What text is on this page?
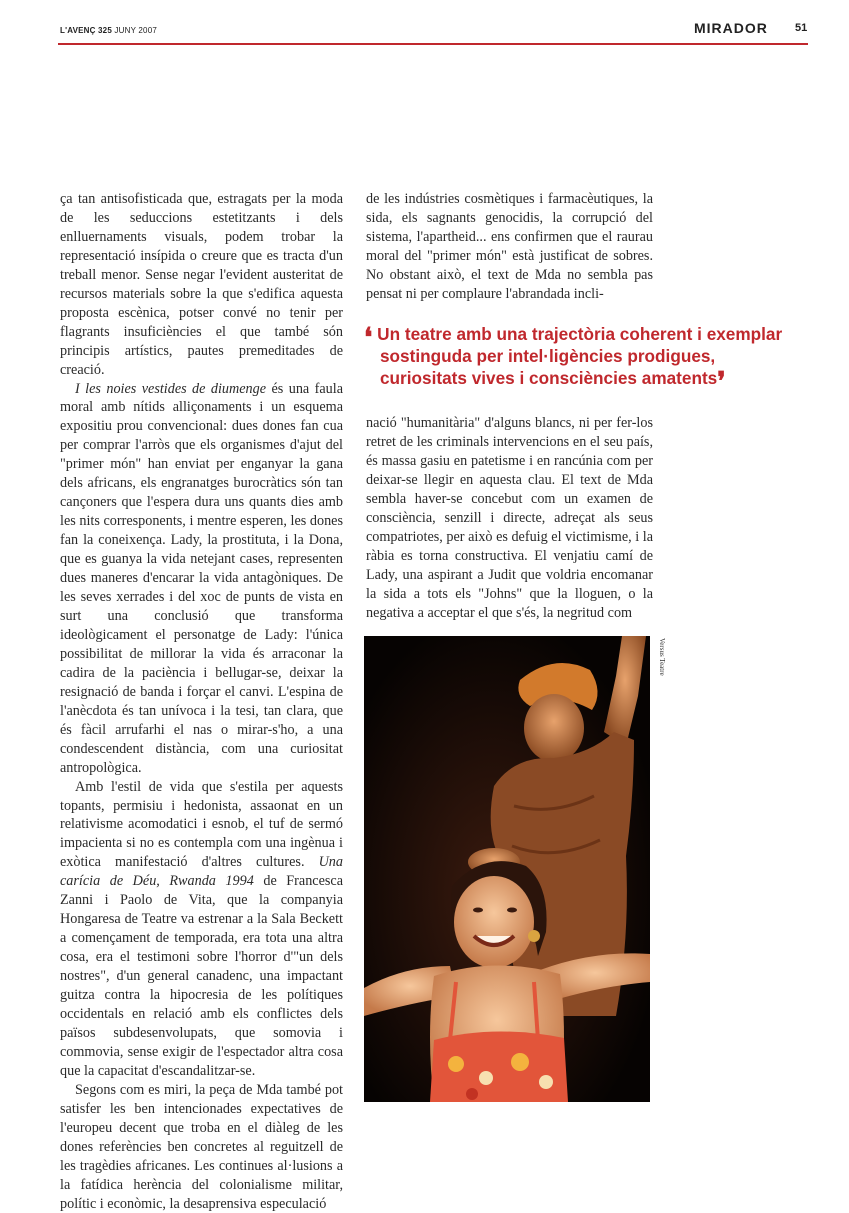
L'AVENÇ 325 JUNY 2007	MIRADOR 51

ça tan antisofisticada que, estragats per la moda de les seduccions estetitzants i dels enlluernaments visuals, podem trobar la representació insípida o creure que es tracta d'un treball menor. Sense negar l'evident austeritat de recursos materials sobre la que s'edifica aquesta proposta escènica, potser convé no tenir per flagrants insuficiències el que també són principis artístics, pautes premeditades de creació.

I les noies vestides de diumenge és una faula moral amb nítids alliçonaments i un esquema expositiu prou convencional: dues dones fan cua per comprar l'arròs que els organismes d'ajut del "primer món" han enviat per enganyar la gana dels africans, els engranatges burocràtics són tan cançoners que l'espera dura uns quants dies amb les nits corresponents, i mentre esperen, les dones fan la coneixença. Lady, la prostituta, i la Dona, que es guanya la vida netejant cases, representen dues maneres d'encarar la vida antagòniques. De les seves xerrades i del xoc de punts de vista en surt una conclusió que transforma ideològicament el personatge de Lady: l'única possibilitat de millorar la vida és arraconar la cadira de la paciència i bellugar-se, deixar la resignació de banda i forçar el canvi. L'espina de l'anècdota és tan unívoca i la tesi, tan clara, que és fàcil arrufarhi el nas o mirar-s'ho, a una condescendent distància, com una curiositat antropològica.

Amb l'estil de vida que s'estila per aquests topants, permisiu i hedonista, assaonat en un relativisme acomodatici i esnob, el tuf de sermó impacienta si no es contempla com una ingènua i exòtica manifestació d'altres cultures. Una carícia de Déu, Rwanda 1994 de Francesca Zanni i Paolo de Vita, que la companyia Hongaresa de Teatre va estrenar a la Sala Beckett a començament de temporada, era tota una altra cosa, era el testimoni sobre l'horror d'"un dels nostres", d'un general canadenc, una impactant guitza contra la hipocresia de les polítiques occidentals en relació amb els conflictes dels països subdesenvolupats, que somovia i commovia, sense exigir de l'espectador altra cosa que la capacitat d'escandalitzar-se.

Segons com es miri, la peça de Mda també pot satisfer les ben intencionades expectatives de l'europeu decent que troba en el diàleg de les dones referències ben concretes al reguitzell de les tragèdies africanes. Les continues al·lusions a la fatídica herència del colonialisme militar, polític i econòmic, la desaprensiva especulació

de les indústries cosmètiques i farmacèutiques, la sida, els sagnants genocidis, la corrupció del sistema, l'apartheid... ens confirmen que el raurau moral del "primer món" està justificat de sobres. No obstant això, el text de Mda no sembla pas pensat ni per complaure l'abrandada incli-

❛ Un teatre amb una trajectòria coherent i exemplar
sostinguda per intel·ligències prodigues,
curiositats vives i consciències amatents❜

nació "humanitària" d'alguns blancs, ni per fer-los retret de les criminals intervencions en el seu país, és massa gasiu en patetisme i en rancúnia com per deixar-se llegir en aquesta clau. El text de Mda sembla haver-se concebut com un examen de consciència, senzill i directe, adreçat als seus compatriotes, per això es defuig el victimisme, i la ràbia es torna constructiva. El venjatiu camí de Lady, una aspirant a Judit que voldria encomanar la sida a tots els "Johns" que la lloguen, o la negativa a acceptar el que s'és, la negritud com

Versus Teatre
